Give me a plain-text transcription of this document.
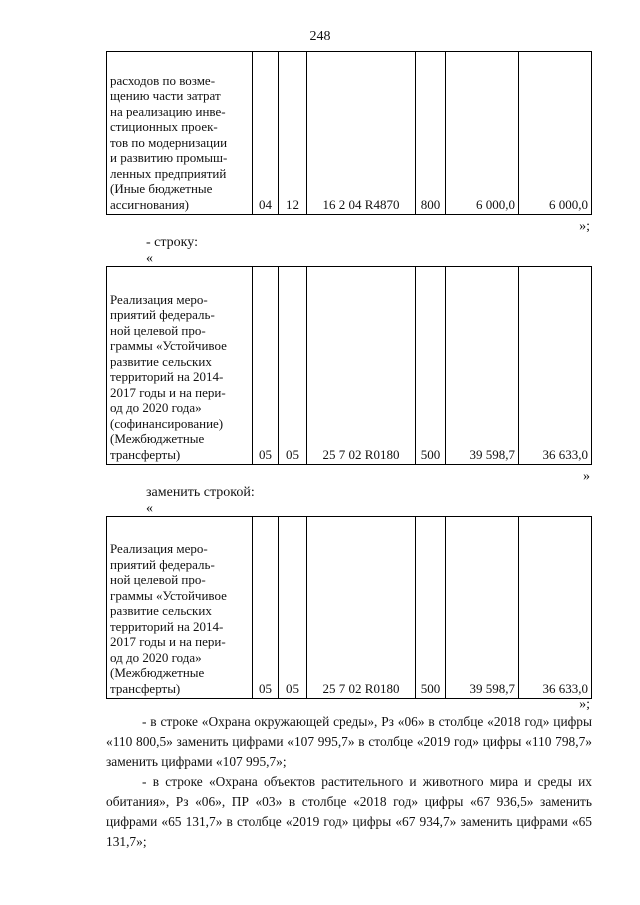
248
расходов по возме-
щению части затрат
на реализацию инве-
стиционных проек-
тов по модернизации
и развитию промыш-
ленных предприятий
(Иные бюджетные
ассигнования)	04	12	16 2 04 R4870	800	6 000,0	6 000,0
»;
- строку:
«
Реализация меро-
приятий федераль-
ной целевой про-
граммы «Устойчивое
развитие сельских
территорий на 2014-
2017 годы и на пери-
од до 2020 года»
(софинансирование)
(Межбюджетные
трансферты)	05	05	25 7 02 R0180	500	39 598,7	36 633,0
»
заменить строкой:
«
Реализация меро-
приятий федераль-
ной целевой про-
граммы «Устойчивое
развитие сельских
территорий на 2014-
2017 годы и на пери-
од до 2020 года»
(Межбюджетные
трансферты)	05	05	25 7 02 R0180	500	39 598,7	36 633,0
»;

- в строке «Охрана окружающей среды», Рз «06» в столбце «2018 год» цифры «110 800,5» заменить цифрами «107 995,7» в столбце «2019 год» цифры «110 798,7» заменить цифрами «107 995,7»;

- в строке «Охрана объектов растительного и животного мира и среды их обитания», Рз «06», ПР «03» в столбце «2018 год» цифры «67 936,5» заменить цифрами «65 131,7» в столбце «2019 год» цифры «67 934,7» заменить цифрами «65 131,7»;
